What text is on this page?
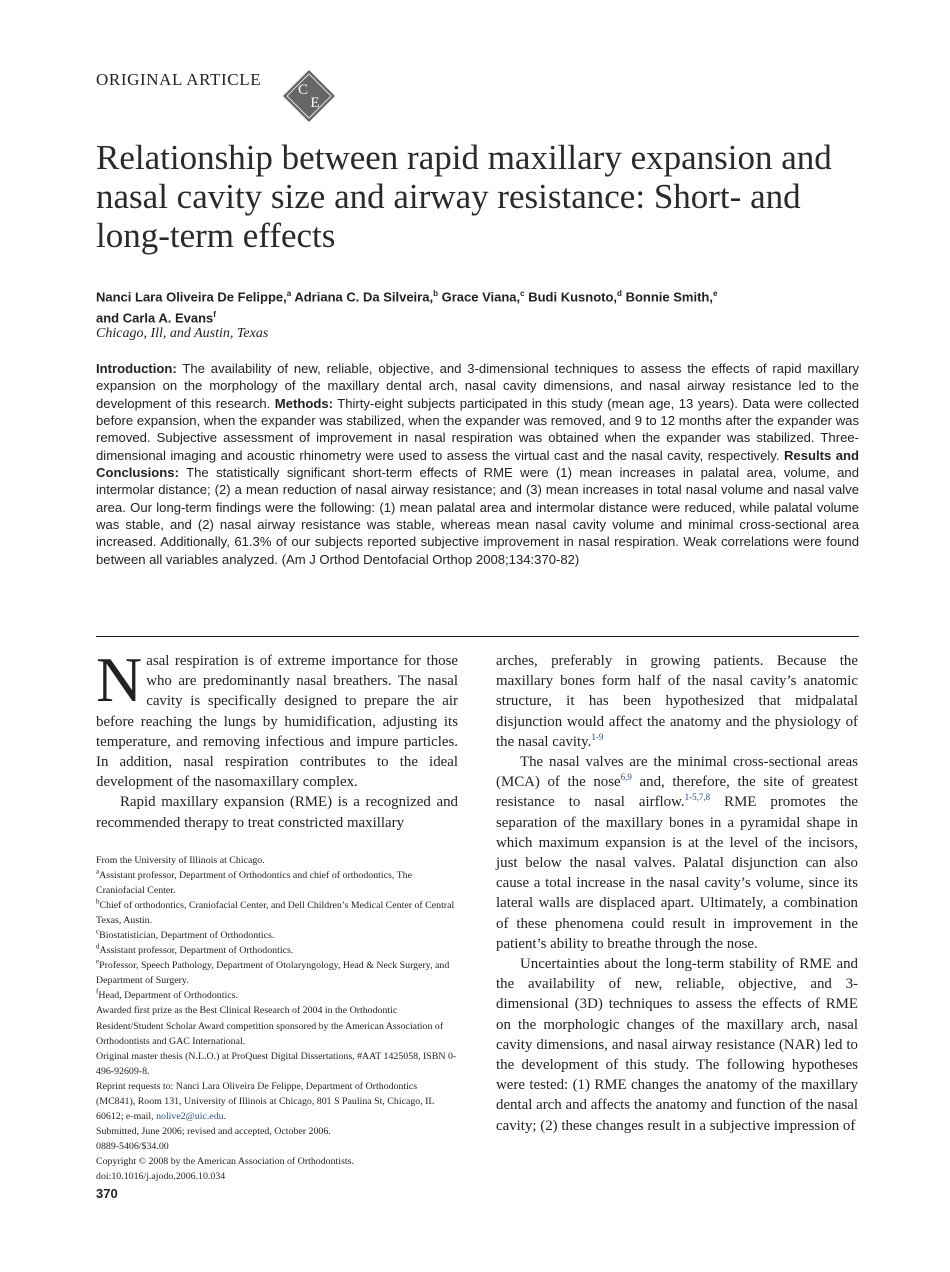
ORIGINAL ARTICLE
C
E
Relationship between rapid maxillary expansion and nasal cavity size and airway resistance: Short- and long-term effects
Nanci Lara Oliveira De Felippe,$^a$ Adriana C. Da Silveira,$^b$ Grace Viana,$^c$ Budi Kusnoto,$^d$ Bonnie Smith,$^e$
and Carla A. Evans$^f$
Chicago, Ill, and Austin, Texas

Introduction: The availability of new, reliable, objective, and 3-dimensional techniques to assess the effects of rapid maxillary expansion on the morphology of the maxillary dental arch, nasal cavity dimensions, and nasal airway resistance led to the development of this research. Methods: Thirty-eight subjects participated in this study (mean age, 13 years). Data were collected before expansion, when the expander was stabilized, when the expander was removed, and 9 to 12 months after the expander was removed. Subjective assessment of improvement in nasal respiration was obtained when the expander was stabilized. Three-dimensional imaging and acoustic rhinometry were used to assess the virtual cast and the nasal cavity, respectively. Results and Conclusions: The statistically significant short-term effects of RME were (1) mean increases in palatal area, volume, and intermolar distance; (2) a mean reduction of nasal airway resistance; and (3) mean increases in total nasal volume and nasal valve area. Our long-term findings were the following: (1) mean palatal area and intermolar distance were reduced, while palatal volume was stable, and (2) nasal airway resistance was stable, whereas mean nasal cavity volume and minimal cross-sectional area increased. Additionally, 61.3% of our subjects reported subjective improvement in nasal respiration. Weak correlations were found between all variables analyzed. (Am J Orthod Dentofacial Orthop 2008;134:370-82)

Nasal respiration is of extreme importance for those who are predominantly nasal breathers. The nasal cavity is specifically designed to prepare the air before reaching the lungs by humidification, adjusting its temperature, and removing infectious and impure particles. In addition, nasal respiration contributes to the ideal development of the nasomaxillary complex.

Rapid maxillary expansion (RME) is a recognized and recommended therapy to treat constricted maxillary

arches, preferably in growing patients. Because the maxillary bones form half of the nasal cavity’s anatomic structure, it has been hypothesized that midpalatal disjunction would affect the anatomy and the physiology of the nasal cavity.$^{1-9}$

The nasal valves are the minimal cross-sectional areas (MCA) of the nose$^{6,9}$ and, therefore, the site of greatest resistance to nasal airflow.$^{1-5,7,8}$ RME promotes the separation of the maxillary bones in a pyramidal shape in which maximum expansion is at the level of the incisors, just below the nasal valves. Palatal disjunction can also cause a total increase in the nasal cavity’s volume, since its lateral walls are displaced apart. Ultimately, a combination of these phenomena could result in improvement in the patient’s ability to breathe through the nose.

Uncertainties about the long-term stability of RME and the availability of new, reliable, objective, and 3-dimensional (3D) techniques to assess the effects of RME on the morphologic changes of the maxillary arch, nasal cavity dimensions, and nasal airway resistance (NAR) led to the development of this study. The following hypotheses were tested: (1) RME changes the anatomy of the maxillary dental arch and affects the anatomy and function of the nasal cavity; (2) these changes result in a subjective impression of

From the University of Illinois at Chicago.
$^a$Assistant professor, Department of Orthodontics and chief of orthodontics, The Craniofacial Center.
$^b$Chief of orthodontics, Craniofacial Center, and Dell Children’s Medical Center of Central Texas, Austin.
$^c$Biostatistician, Department of Orthodontics.
$^d$Assistant professor, Department of Orthodontics.
$^e$Professor, Speech Pathology, Department of Otolaryngology, Head & Neck Surgery, and Department of Surgery.
$^f$Head, Department of Orthodontics.
Awarded first prize as the Best Clinical Research of 2004 in the Orthodontic Resident/Student Scholar Award competition sponsored by the American Association of Orthodontists and GAC International.
Original master thesis (N.L.O.) at ProQuest Digital Dissertations, #AAT 1425058, ISBN 0-496-92609-8.
Reprint requests to: Nanci Lara Oliveira De Felippe, Department of Orthodontics (MC841), Room 131, University of Illinois at Chicago, 801 S Paulina St, Chicago, IL 60612; e-mail, nolive2@uic.edu.
Submitted, June 2006; revised and accepted, October 2006.
0889-5406/$34.00
Copyright © 2008 by the American Association of Orthodontists.
doi:10.1016/j.ajodo.2006.10.034
370
